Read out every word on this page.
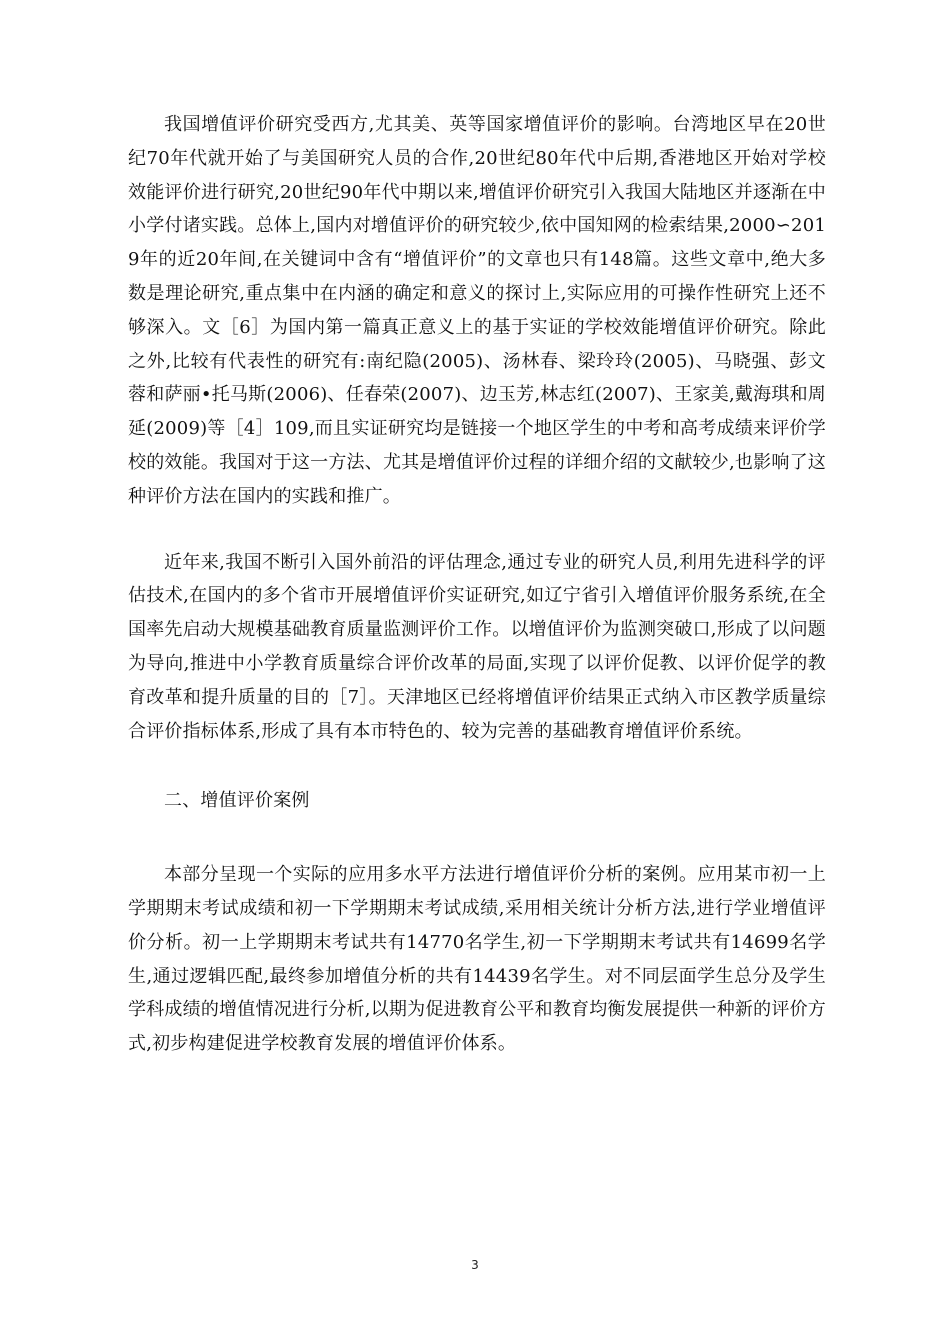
我国增值评价研究受西方,尤其美、英等国家增值评价的影响。台湾地区早在20世纪70年代就开始了与美国研究人员的合作,20世纪80年代中后期,香港地区开始对学校效能评价进行研究,20世纪90年代中期以来,增值评价研究引入我国大陆地区并逐渐在中小学付诸实践。总体上,国内对增值评价的研究较少,依中国知网的检索结果,2000∽2019年的近20年间,在关键词中含有“增值评价”的文章也只有148篇。这些文章中,绝大多数是理论研究,重点集中在内涵的确定和意义的探讨上,实际应用的可操作性研究上还不够深入。文［6］为国内第一篇真正意义上的基于实证的学校效能增值评价研究。除此之外,比较有代表性的研究有:南纪隐(2005)、汤林春、梁玲玲(2005)、马晓强、彭文蓉和萨丽•托马斯(2006)、任春荣(2007)、边玉芳,林志红(2007)、王家美,戴海琪和周延(2009)等［4］109,而且实证研究均是链接一个地区学生的中考和高考成绩来评价学校的效能。我国对于这一方法、尤其是增值评价过程的详细介绍的文献较少,也影响了这种评价方法在国内的实践和推广。

近年来,我国不断引入国外前沿的评估理念,通过专业的研究人员,利用先进科学的评估技术,在国内的多个省市开展增值评价实证研究,如辽宁省引入增值评价服务系统,在全国率先启动大规模基础教育质量监测评价工作。以增值评价为监测突破口,形成了以问题为导向,推进中小学教育质量综合评价改革的局面,实现了以评价促教、以评价促学的教育改革和提升质量的目的［7］。天津地区已经将增值评价结果正式纳入市区教学质量综合评价指标体系,形成了具有本市特色的、较为完善的基础教育增值评价系统。

二、增值评价案例

本部分呈现一个实际的应用多水平方法进行增值评价分析的案例。应用某市初一上学期期末考试成绩和初一下学期期末考试成绩,采用相关统计分析方法,进行学业增值评价分析。初一上学期期末考试共有14770名学生,初一下学期期末考试共有14699名学生,通过逻辑匹配,最终参加增值分析的共有14439名学生。对不同层面学生总分及学生学科成绩的增值情况进行分析,以期为促进教育公平和教育均衡发展提供一种新的评价方式,初步构建促进学校教育发展的增值评价体系。

3
